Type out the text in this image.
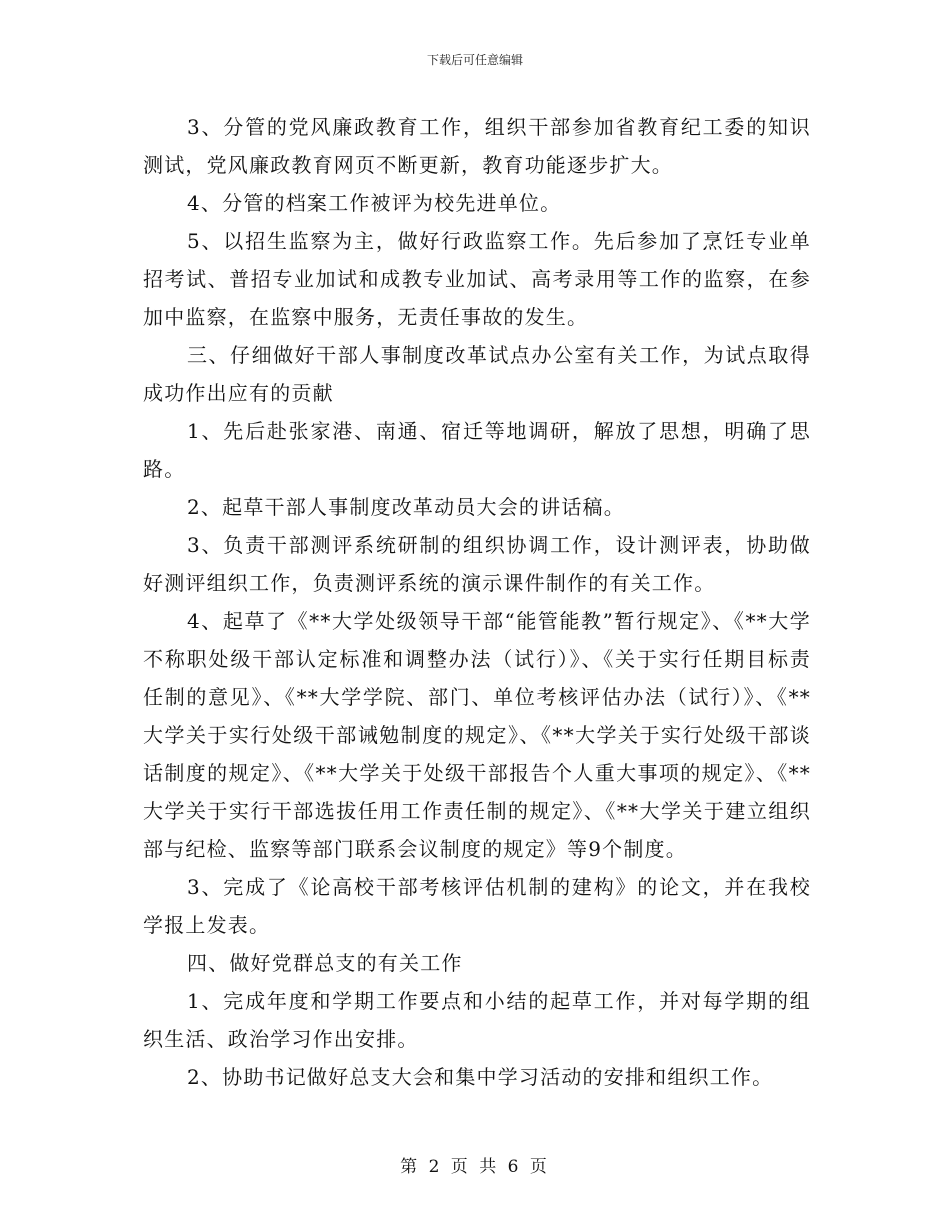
下载后可任意编辑

3、分管的党风廉政教育工作，组织干部参加省教育纪工委的知识测试，党风廉政教育网页不断更新，教育功能逐步扩大。

4、分管的档案工作被评为校先进单位。

5、以招生监察为主，做好行政监察工作。先后参加了烹饪专业单招考试、普招专业加试和成教专业加试、高考录用等工作的监察，在参加中监察，在监察中服务，无责任事故的发生。

三、仔细做好干部人事制度改革试点办公室有关工作，为试点取得成功作出应有的贡献

1、先后赴张家港、南通、宿迁等地调研，解放了思想，明确了思路。

2、起草干部人事制度改革动员大会的讲话稿。

3、负责干部测评系统研制的组织协调工作，设计测评表，协助做好测评组织工作，负责测评系统的演示课件制作的有关工作。

4、起草了《**大学处级领导干部“能管能教”暂行规定》、《**大学不称职处级干部认定标准和调整办法（试行）》、《关于实行任期目标责任制的意见》、《**大学学院、部门、单位考核评估办法（试行）》、《**大学关于实行处级干部诫勉制度的规定》、《**大学关于实行处级干部谈话制度的规定》、《**大学关于处级干部报告个人重大事项的规定》、《**大学关于实行干部选拔任用工作责任制的规定》、《**大学关于建立组织部与纪检、监察等部门联系会议制度的规定》等9个制度。

3、完成了《论高校干部考核评估机制的建构》的论文，并在我校学报上发表。

四、做好党群总支的有关工作

1、完成年度和学期工作要点和小结的起草工作，并对每学期的组织生活、政治学习作出安排。

2、协助书记做好总支大会和集中学习活动的安排和组织工作。

第 2 页 共 6 页
